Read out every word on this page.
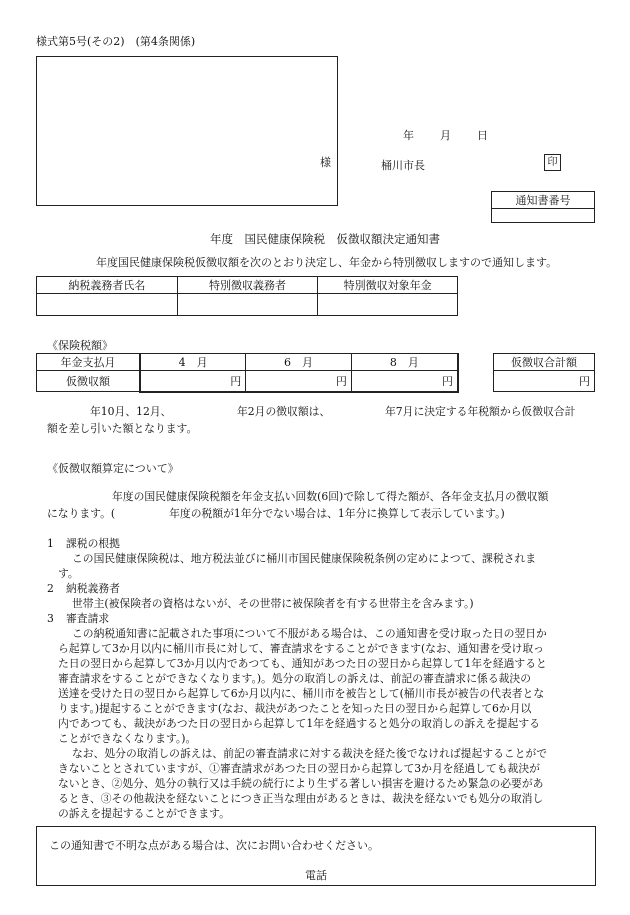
様式第5号(その2)　(第4条関係)
様
年 月 日
桶川市長	印
通知書番号

年度　国民健康保険税　仮徴収額決定通知書
年度国民健康保険税仮徴収額を次のとおり決定し、年金から特別徴収しますので通知します。
納税義務者氏名	特別徴収義務者	特別徴収対象年金

《保険税額》
年金支払月	4　月	6　月	8　月
仮徴収額	円	円	円
仮徴収合計額
円
年10月、12月、	年2月の徴収額は、	年7月に決定する年税額から仮徴収合計
額を差し引いた額となります。
《仮徴収額算定について》
年度の国民健康保険税額を年金支払い回数(6回)で除して得た額が、各年金支払月の徴収額
になります。(　　　　　年度の税額が1年分でない場合は、1年分に換算して表示しています。)
1 課税の根拠
この国民健康保険税は、地方税法並びに桶川市国民健康保険税条例の定めによつて、課税されま
す。
2 納税義務者
世帯主(被保険者の資格はないが、その世帯に被保険者を有する世帯主を含みます。)
3 審査請求
この納税通知書に記載された事項について不服がある場合は、この通知書を受け取った日の翌日か
ら起算して3か月以内に桶川市長に対して、審査請求をすることができます(なお、通知書を受け取っ
た日の翌日から起算して3か月以内であつても、通知があつた日の翌日から起算して1年を経過すると
審査請求をすることができなくなります。)。処分の取消しの訴えは、前記の審査請求に係る裁決の
送達を受けた日の翌日から起算して6か月以内に、桶川市を被告として(桶川市長が被告の代表者とな
ります。)提起することができます(なお、裁決があつたことを知った日の翌日から起算して6か月以
内であつても、裁決があつた日の翌日から起算して1年を経過すると処分の取消しの訴えを提起する
ことができなくなります。)。
なお、処分の取消しの訴えは、前記の審査請求に対する裁決を経た後でなければ提起することがで
きないこととされていますが、①審査請求があつた日の翌日から起算して3か月を経過しても裁決が
ないとき、②処分、処分の執行又は手続の続行により生ずる著しい損害を避けるため緊急の必要があ
るとき、③その他裁決を経ないことにつき正当な理由があるときは、裁決を経ないでも処分の取消し
の訴えを提起することができます。
この通知書で不明な点がある場合は、次にお問い合わせください。
電話
